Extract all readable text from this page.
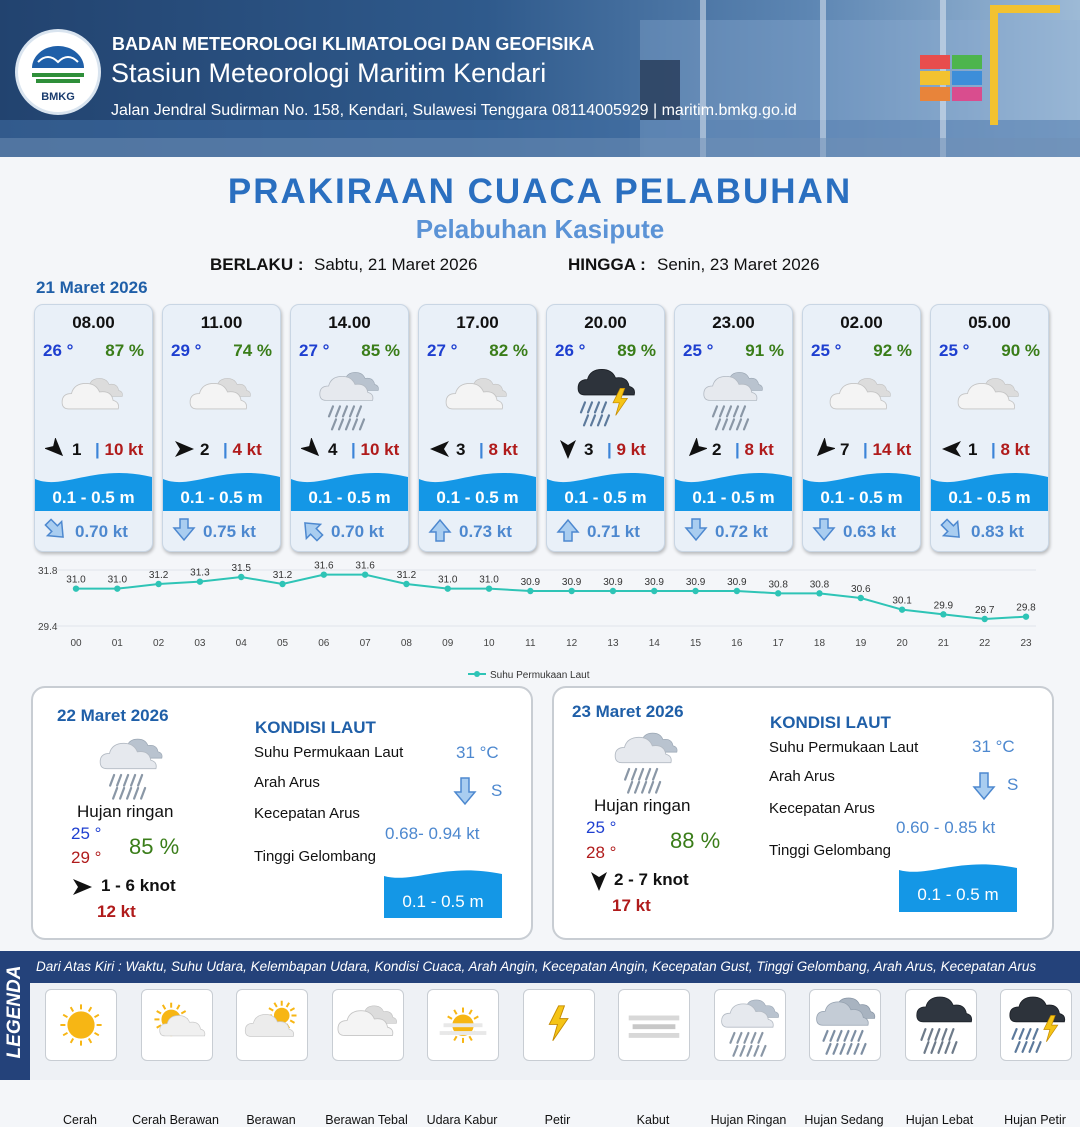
BMKG
BADAN METEOROLOGI KLIMATOLOGI DAN GEOFISIKA
Stasiun Meteorologi Maritim Kendari
Jalan Jendral Sudirman No. 158, Kendari, Sulawesi Tenggara 08114005929 | maritim.bmkg.go.id
PRAKIRAAN CUACA PELABUHAN
Pelabuhan Kasipute
BERLAKU : Sabtu, 21 Maret 2026	HINGGA : Senin, 23 Maret 2026
21 Maret 2026
08.00
26 ° 87 %
1 | 10 kt
0.1 - 0.5 m
0.70 kt
11.00
29 ° 74 %
2 | 4 kt
0.1 - 0.5 m
0.75 kt
14.00
27 ° 85 %
4 | 10 kt
0.1 - 0.5 m
0.70 kt
17.00
27 ° 82 %
3 | 8 kt
0.1 - 0.5 m
0.73 kt
20.00
26 ° 89 %
3 | 9 kt
0.1 - 0.5 m
0.71 kt
23.00
25 ° 91 %
2 | 8 kt
0.1 - 0.5 m
0.72 kt
02.00
25 ° 92 %
7 | 14 kt
0.1 - 0.5 m
0.63 kt
05.00
25 ° 90 %
1 | 8 kt
0.1 - 0.5 m
0.83 kt
31.8
29.4
31.0
00
31.0
01
31.2
02
31.3
03
31.5
04
31.2
05
31.6
06
31.6
07
31.2
08
31.0
09
31.0
10
30.9
11
30.9
12
30.9
13
30.9
14
30.9
15
30.9
16
30.8
17
30.8
18
30.6
19
30.1
20
29.9
21
29.7
22
29.8
23
Suhu Permukaan Laut
22 Maret 2026
Hujan ringan
25 °
29 ° 85 %
1 - 6 knot
12 kt
KONDISI LAUT
Suhu Permukaan Laut	31 °C
Arah Arus	S
Kecepatan Arus
0.68- 0.94 kt
Tinggi Gelombang
0.1 - 0.5 m
23 Maret 2026
Hujan ringan
25 °
28 ° 88 %
2 - 7 knot
17 kt
KONDISI LAUT
Suhu Permukaan Laut	31 °C
Arah Arus	S
Kecepatan Arus
0.60 - 0.85 kt
Tinggi Gelombang
0.1 - 0.5 m
LEGENDA Dari Atas Kiri : Waktu, Suhu Udara, Kelembapan Udara, Kondisi Cuaca, Arah Angin, Kecepatan Angin, Kecepatan Gust, Tinggi Gelombang, Arah Arus, Kecepatan Arus
Cerah	Cerah Berawan	Berawan	Berawan Tebal	Udara Kabur	Petir	Kabut	Hujan Ringan	Hujan Sedang	Hujan Lebat	Hujan Petir
